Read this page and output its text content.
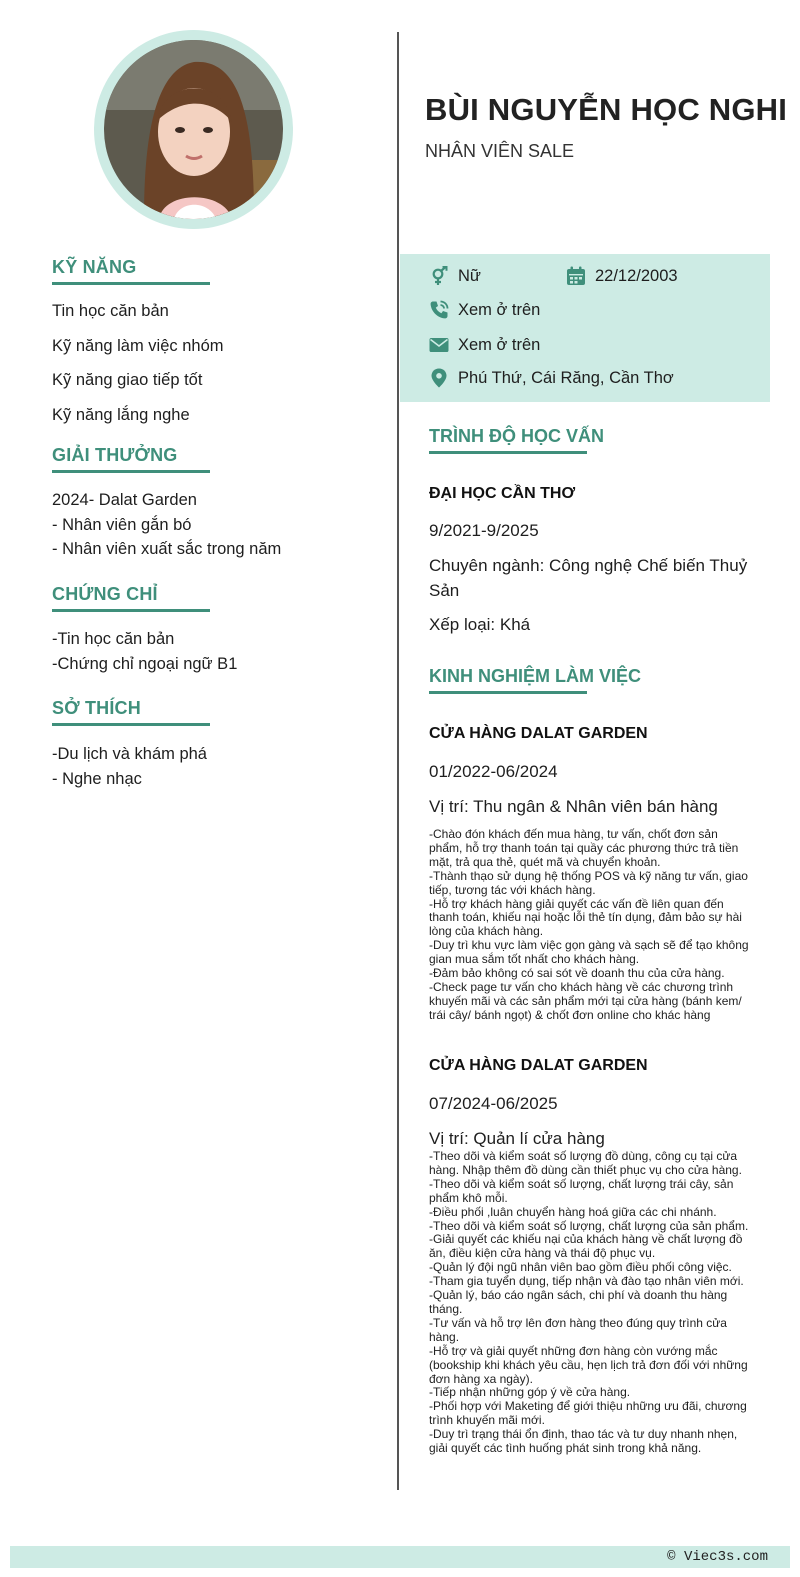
KỸ NĂNG
Tin học căn bản
Kỹ năng làm việc nhóm
Kỹ năng giao tiếp tốt
Kỹ năng lắng nghe
GIẢI THƯỞNG
2024- Dalat Garden
- Nhân viên gắn bó
- Nhân viên xuất sắc trong năm
CHỨNG CHỈ
-Tin học căn bản
-Chứng chỉ ngoại ngữ B1
SỞ THÍCH
-Du lịch và khám phá
- Nghe nhạc
BÙI NGUYỄN HỌC NGHI
NHÂN VIÊN SALE
Nữ	22/12/2003
Xem ở trên
Xem ở trên
Phú Thứ, Cái Răng, Cần Thơ
TRÌNH ĐỘ HỌC VẤN
ĐẠI HỌC CẦN THƠ
9/2021-9/2025
Chuyên ngành: Công nghệ Chế biến Thuỷ Sản
Xếp loại: Khá
KINH NGHIỆM LÀM VIỆC
CỬA HÀNG DALAT GARDEN
01/2022-06/2024
Vị trí: Thu ngân & Nhân viên bán hàng
-Chào đón khách đến mua hàng, tư vấn, chốt đơn sản phẩm, hỗ trợ thanh toán tại quầy các phương thức trả tiền mặt, trả qua thẻ, quét mã và chuyển khoản.
-Thành thạo sử dụng hệ thống POS và kỹ năng tư vấn, giao tiếp, tương tác với khách hàng.
-Hỗ trợ khách hàng giải quyết các vấn đề liên quan đến thanh toán, khiếu nại hoặc lỗi thẻ tín dụng, đảm bảo sự hài lòng của khách hàng.
-Duy trì khu vực làm việc gọn gàng và sạch sẽ để tạo không gian mua sắm tốt nhất cho khách hàng.
-Đảm bảo không có sai sót về doanh thu của cửa hàng.
-Check page tư vấn cho khách hàng về các chương trình khuyến mãi và các sản phẩm mới tại cửa hàng (bánh kem/ trái cây/ bánh ngọt) & chốt đơn online cho khác hàng
CỬA HÀNG DALAT GARDEN
07/2024-06/2025
Vị trí: Quản lí cửa hàng
-Theo dõi và kiểm soát số lượng đồ dùng, công cụ tại cửa hàng. Nhập thêm đồ dùng cần thiết phục vụ cho cửa hàng.
-Theo dõi và kiểm soát số lượng, chất lượng trái cây, sản phẩm khô mỗi.
-Điều phối ,luân chuyển hàng hoá giữa các chi nhánh.
-Theo dõi và kiểm soát số lượng, chất lượng của sản phẩm.
-Giải quyết các khiếu nại của khách hàng về chất lượng đồ ăn, điều kiện cửa hàng và thái độ phục vụ.
-Quản lý đội ngũ nhân viên bao gồm điều phối công việc.
-Tham gia tuyển dụng, tiếp nhận và đào tạo nhân viên mới.
-Quản lý, báo cáo ngân sách, chi phí và doanh thu hàng tháng.
-Tư vấn và hỗ trợ lên đơn hàng theo đúng quy trình cửa hàng.
-Hỗ trợ và giải quyết những đơn hàng còn vướng mắc (bookship khi khách yêu cầu, hẹn lịch trả đơn đối với những đơn hàng xa ngày).
-Tiếp nhận những góp ý về cửa hàng.
-Phối hợp với Maketing để giới thiệu những ưu đãi, chương trình khuyến mãi mới.
-Duy trì trạng thái ổn định, thao tác và tư duy nhanh nhẹn, giải quyết các tình huống phát sinh trong khả năng.
© Viec3s.com
